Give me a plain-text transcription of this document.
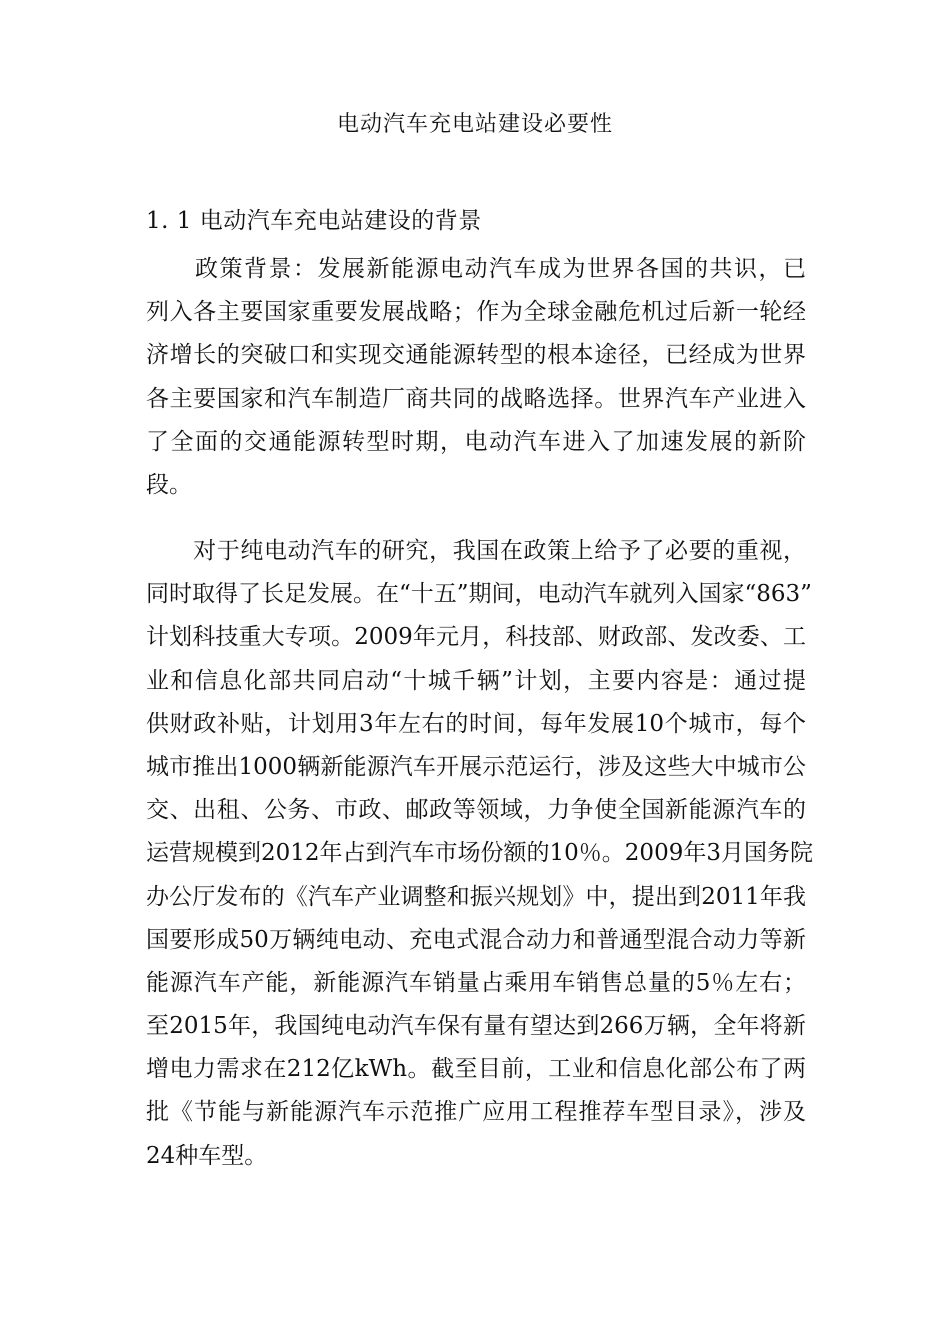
电动汽车充电站建设必要性
1. 1 电动汽车充电站建设的背景
　　政策背景：发展新能源电动汽车成为世界各国的共识，已
列入各主要国家重要发展战略；作为全球金融危机过后新一轮经
济增长的突破口和实现交通能源转型的根本途径，已经成为世界
各主要国家和汽车制造厂商共同的战略选择。世界汽车产业进入
了全面的交通能源转型时期，电动汽车进入了加速发展的新阶
段。
　　对于纯电动汽车的研究，我国在政策上给予了必要的重视，
同时取得了长足发展。在“十五”期间，电动汽车就列入国家“863”
计划科技重大专项。2009年元月，科技部、财政部、发改委、工
业和信息化部共同启动“十城千辆”计划，主要内容是：通过提
供财政补贴，计划用3年左右的时间，每年发展10个城市，每个
城市推出1000辆新能源汽车开展示范运行，涉及这些大中城市公
交、出租、公务、市政、邮政等领域，力争使全国新能源汽车的
运营规模到2012年占到汽车市场份额的10％。2009年3月国务院
办公厅发布的《汽车产业调整和振兴规划》中，提出到2011年我
国要形成50万辆纯电动、充电式混合动力和普通型混合动力等新
能源汽车产能，新能源汽车销量占乘用车销售总量的5％左右；
至2015年，我国纯电动汽车保有量有望达到266万辆，全年将新
增电力需求在212亿kWh。截至目前，工业和信息化部公布了两
批《节能与新能源汽车示范推广应用工程推荐车型目录》，涉及
24种车型。
